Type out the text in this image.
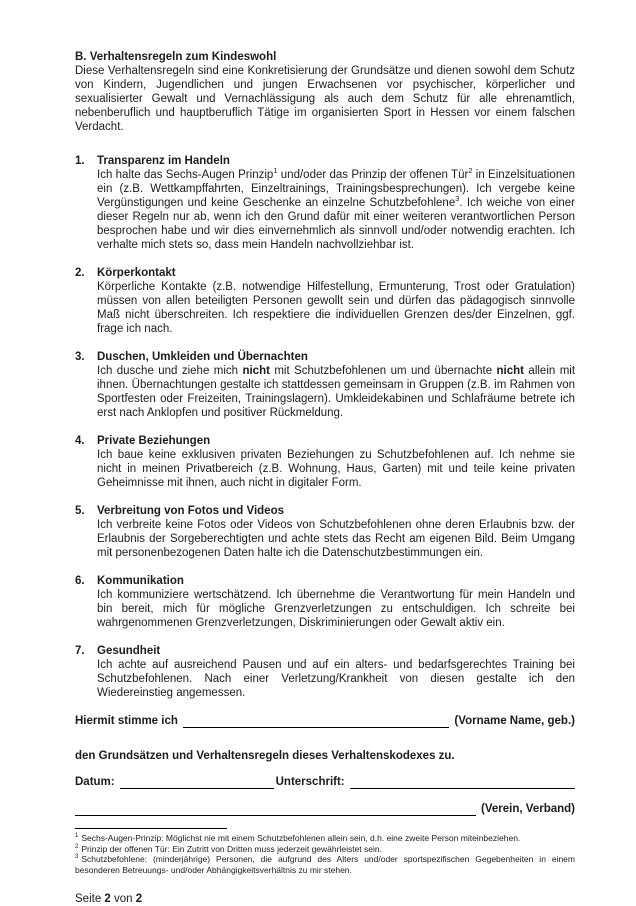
B. Verhaltensregeln zum Kindeswohl

Diese Verhaltensregeln sind eine Konkretisierung der Grundsätze und dienen sowohl dem Schutz von Kindern, Jugendlichen und jungen Erwachsenen vor psychischer, körperlicher und sexualisierter Gewalt und Vernachlässigung als auch dem Schutz für alle ehrenamtlich, nebenberuflich und hauptberuflich Tätige im organisierten Sport in Hessen vor einem falschen Verdacht.

1.	Transparenz im Handeln
Ich halte das Sechs-Augen Prinzip$^1$ und/oder das Prinzip der offenen Tür$^2$ in Einzelsituationen ein (z.B. Wettkampffahrten, Einzeltrainings, Trainingsbesprechungen). Ich vergebe keine Vergünstigungen und keine Geschenke an einzelne Schutzbefohlene$^3$. Ich weiche von einer dieser Regeln nur ab, wenn ich den Grund dafür mit einer weiteren verantwortlichen Person besprochen habe und wir dies einvernehmlich als sinnvoll und/oder notwendig erachten. Ich verhalte mich stets so, dass mein Handeln nachvollziehbar ist.
2.	Körperkontakt
Körperliche Kontakte (z.B. notwendige Hilfestellung, Ermunterung, Trost oder Gratulation) müssen von allen beteiligten Personen gewollt sein und dürfen das pädagogisch sinnvolle Maß nicht überschreiten. Ich respektiere die individuellen Grenzen des/der Einzelnen, ggf. frage ich nach.
3.	Duschen, Umkleiden und Übernachten
Ich dusche und ziehe mich nicht mit Schutzbefohlenen um und übernachte nicht allein mit ihnen. Übernachtungen gestalte ich stattdessen gemeinsam in Gruppen (z.B. im Rahmen von Sportfesten oder Freizeiten, Trainingslagern). Umkleidekabinen und Schlafräume betrete ich erst nach Anklopfen und positiver Rückmeldung.
4.	Private Beziehungen
Ich baue keine exklusiven privaten Beziehungen zu Schutzbefohlenen auf. Ich nehme sie nicht in meinen Privatbereich (z.B. Wohnung, Haus, Garten) mit und teile keine privaten Geheimnisse mit ihnen, auch nicht in digitaler Form.
5.	Verbreitung von Fotos und Videos
Ich verbreite keine Fotos oder Videos von Schutzbefohlenen ohne deren Erlaubnis bzw. der Erlaubnis der Sorgeberechtigten und achte stets das Recht am eigenen Bild. Beim Umgang mit personenbezogenen Daten halte ich die Datenschutzbestimmungen ein.
6.	Kommunikation
Ich kommuniziere wertschätzend. Ich übernehme die Verantwortung für mein Handeln und bin bereit, mich für mögliche Grenzverletzungen zu entschuldigen. Ich schreite bei wahrgenommenen Grenzverletzungen, Diskriminierungen oder Gewalt aktiv ein.
7.	Gesundheit
Ich achte auf ausreichend Pausen und auf ein alters- und bedarfsgerechtes Training bei Schutzbefohlenen. Nach einer Verletzung/Krankheit von diesen gestalte ich den Wiedereinstieg angemessen.
Hiermit stimme ich	(Vorname Name, geb.)
den Grundsätzen und Verhaltensregeln dieses Verhaltenskodexes zu.
Datum:	Unterschrift:
(Verein, Verband)
$^1$ Sechs-Augen-Prinzip: Möglichst nie mit einem Schutzbefohlenen allein sein, d.h. eine zweite Person miteinbeziehen.
$^2$ Prinzip der offenen Tür: Ein Zutritt von Dritten muss jederzeit gewährleistet sein.
$^3$ Schutzbefohlene: (minderjährige) Personen, die aufgrund des Alters und/oder sportspezifischen Gegebenheiten in einem besonderen Betreuungs- und/oder Abhängigkeitsverhältnis zu mir stehen.
Seite 2 von 2
